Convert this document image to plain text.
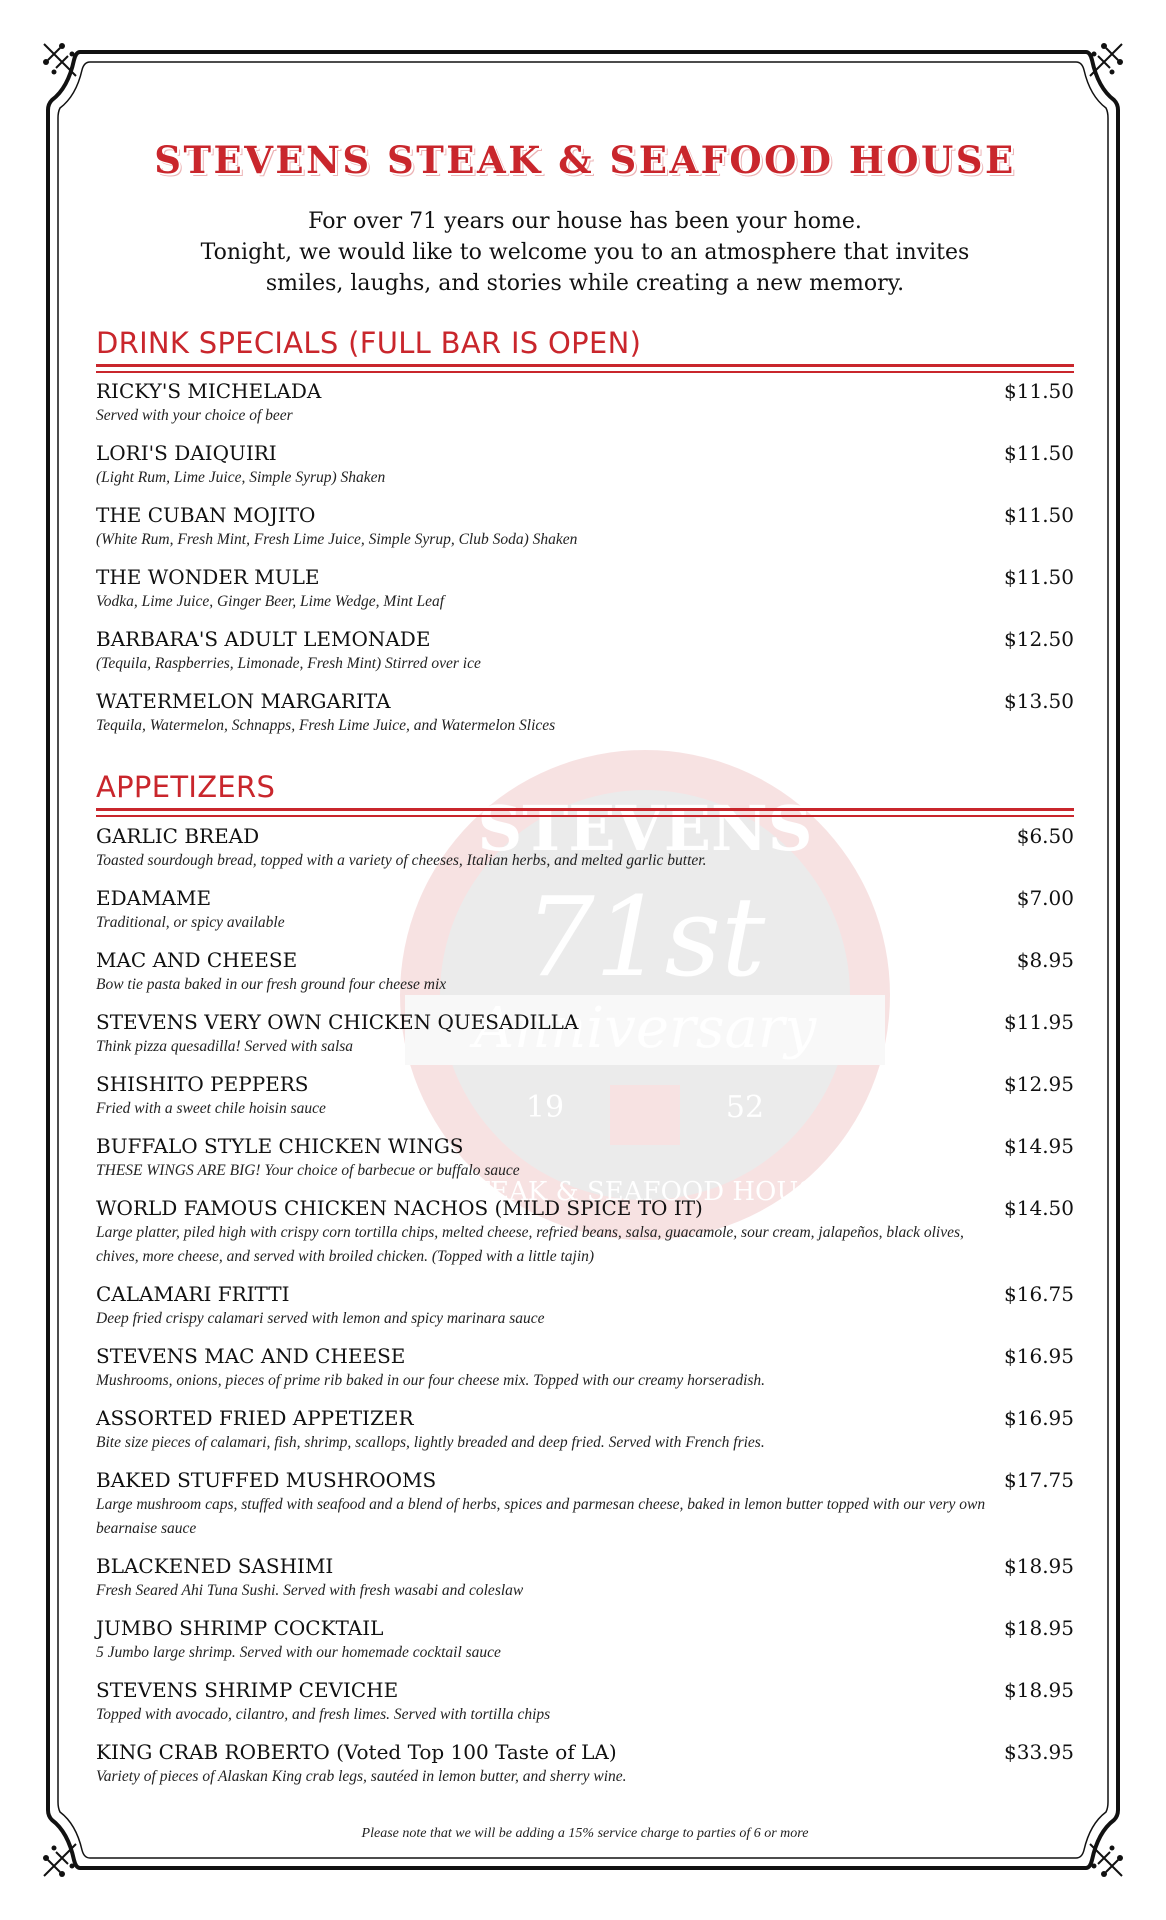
STEVENS
71st
Anniversary
19	52
STEAK & SEAFOOD HOUSE
STEVENS STEAK & SEAFOOD HOUSE
For over 71 years our house has been your home.
Tonight, we would like to welcome you to an atmosphere that invites
smiles, laughs, and stories while creating a new memory.
DRINK SPECIALS (FULL BAR IS OPEN)
RICKY'S MICHELADA	$11.50
Served with your choice of beer
LORI'S DAIQUIRI	$11.50
(Light Rum, Lime Juice, Simple Syrup) Shaken
THE CUBAN MOJITO	$11.50
(White Rum, Fresh Mint, Fresh Lime Juice, Simple Syrup, Club Soda) Shaken
THE WONDER MULE	$11.50
Vodka, Lime Juice, Ginger Beer, Lime Wedge, Mint Leaf
BARBARA'S ADULT LEMONADE	$12.50
(Tequila, Raspberries, Limonade, Fresh Mint) Stirred over ice
WATERMELON MARGARITA	$13.50
Tequila, Watermelon, Schnapps, Fresh Lime Juice, and Watermelon Slices
APPETIZERS
GARLIC BREAD	$6.50
Toasted sourdough bread, topped with a variety of cheeses, Italian herbs, and melted garlic butter.
EDAMAME	$7.00
Traditional, or spicy available
MAC AND CHEESE	$8.95
Bow tie pasta baked in our fresh ground four cheese mix
STEVENS VERY OWN CHICKEN QUESADILLA	$11.95
Think pizza quesadilla! Served with salsa
SHISHITO PEPPERS	$12.95
Fried with a sweet chile hoisin sauce
BUFFALO STYLE CHICKEN WINGS	$14.95
THESE WINGS ARE BIG! Your choice of barbecue or buffalo sauce
WORLD FAMOUS CHICKEN NACHOS (MILD SPICE TO IT)	$14.50
Large platter, piled high with crispy corn tortilla chips, melted cheese, refried beans, salsa, guacamole, sour cream, jalapeños, black olives, chives, more cheese, and served with broiled chicken. (Topped with a little tajin)
CALAMARI FRITTI	$16.75
Deep fried crispy calamari served with lemon and spicy marinara sauce
STEVENS MAC AND CHEESE	$16.95
Mushrooms, onions, pieces of prime rib baked in our four cheese mix. Topped with our creamy horseradish.
ASSORTED FRIED APPETIZER	$16.95
Bite size pieces of calamari, fish, shrimp, scallops, lightly breaded and deep fried. Served with French fries.
BAKED STUFFED MUSHROOMS	$17.75
Large mushroom caps, stuffed with seafood and a blend of herbs, spices and parmesan cheese, baked in lemon butter topped with our very own bearnaise sauce
BLACKENED SASHIMI	$18.95
Fresh Seared Ahi Tuna Sushi. Served with fresh wasabi and coleslaw
JUMBO SHRIMP COCKTAIL	$18.95
5 Jumbo large shrimp. Served with our homemade cocktail sauce
STEVENS SHRIMP CEVICHE	$18.95
Topped with avocado, cilantro, and fresh limes. Served with tortilla chips
KING CRAB ROBERTO (Voted Top 100 Taste of LA)	$33.95
Variety of pieces of Alaskan King crab legs, sautéed in lemon butter, and sherry wine.
Please note that we will be adding a 15% service charge to parties of 6 or more
